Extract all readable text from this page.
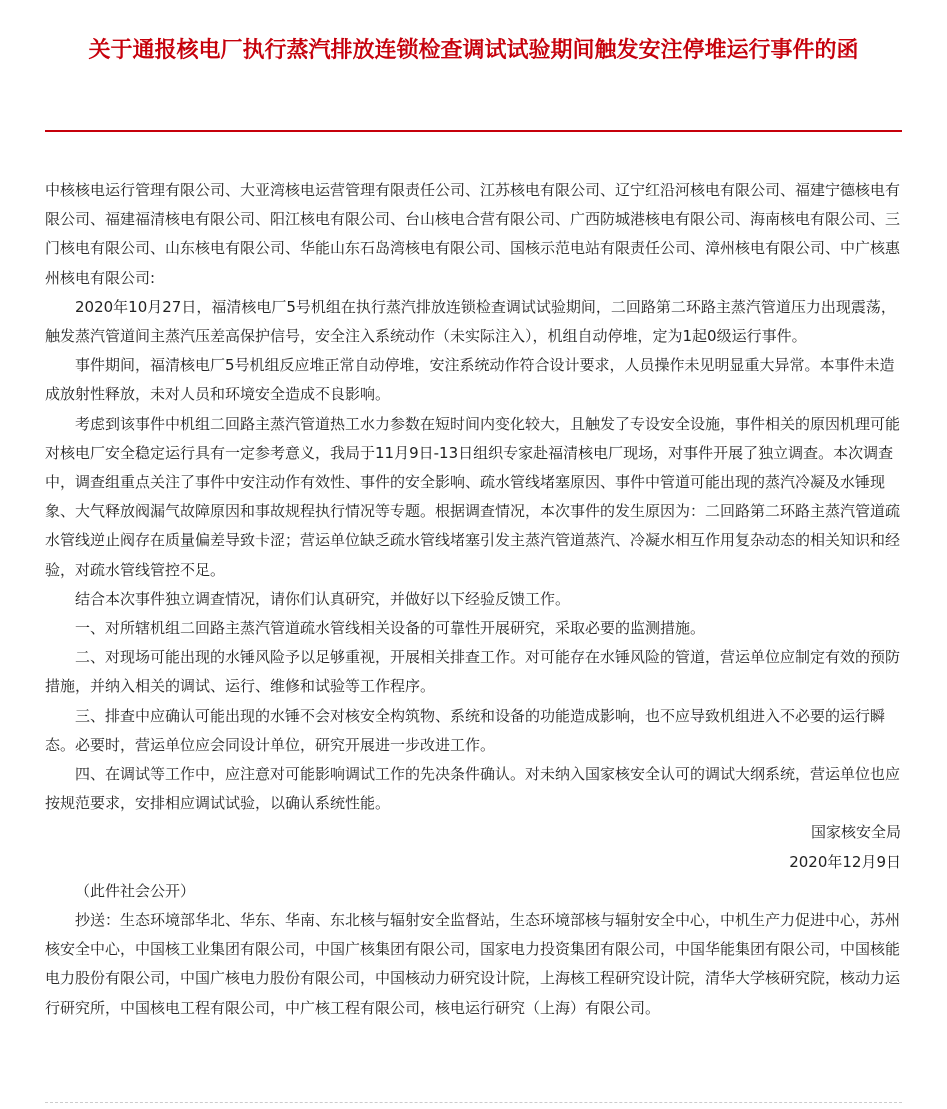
关于通报核电厂执行蒸汽排放连锁检查调试试验期间触发安注停堆运行事件的函

中核核电运行管理有限公司、大亚湾核电运营管理有限责任公司、江苏核电有限公司、辽宁红沿河核电有限公司、福建宁德核电有限公司、福建福清核电有限公司、阳江核电有限公司、台山核电合营有限公司、广西防城港核电有限公司、海南核电有限公司、三门核电有限公司、山东核电有限公司、华能山东石岛湾核电有限公司、国核示范电站有限责任公司、漳州核电有限公司、中广核惠州核电有限公司:

2020年10月27日，福清核电厂5号机组在执行蒸汽排放连锁检查调试试验期间，二回路第二环路主蒸汽管道压力出现震荡，触发蒸汽管道间主蒸汽压差高保护信号，安全注入系统动作（未实际注入），机组自动停堆，定为1起0级运行事件。

事件期间，福清核电厂5号机组反应堆正常自动停堆，安注系统动作符合设计要求，人员操作未见明显重大异常。本事件未造成放射性释放，未对人员和环境安全造成不良影响。

考虑到该事件中机组二回路主蒸汽管道热工水力参数在短时间内变化较大，且触发了专设安全设施，事件相关的原因机理可能对核电厂安全稳定运行具有一定参考意义，我局于11月9日-13日组织专家赴福清核电厂现场，对事件开展了独立调查。本次调查中，调查组重点关注了事件中安注动作有效性、事件的安全影响、疏水管线堵塞原因、事件中管道可能出现的蒸汽冷凝及水锤现象、大气释放阀漏气故障原因和事故规程执行情况等专题。根据调查情况，本次事件的发生原因为：二回路第二环路主蒸汽管道疏水管线逆止阀存在质量偏差导致卡涩；营运单位缺乏疏水管线堵塞引发主蒸汽管道蒸汽、冷凝水相互作用复杂动态的相关知识和经验，对疏水管线管控不足。

结合本次事件独立调查情况，请你们认真研究，并做好以下经验反馈工作。

一、对所辖机组二回路主蒸汽管道疏水管线相关设备的可靠性开展研究，采取必要的监测措施。

二、对现场可能出现的水锤风险予以足够重视，开展相关排查工作。对可能存在水锤风险的管道，营运单位应制定有效的预防措施，并纳入相关的调试、运行、维修和试验等工作程序。

三、排查中应确认可能出现的水锤不会对核安全构筑物、系统和设备的功能造成影响，也不应导致机组进入不必要的运行瞬态。必要时，营运单位应会同设计单位，研究开展进一步改进工作。

四、在调试等工作中，应注意对可能影响调试工作的先决条件确认。对未纳入国家核安全认可的调试大纲系统，营运单位也应按规范要求，安排相应调试试验，以确认系统性能。

国家核安全局

2020年12月9日

（此件社会公开）

抄送：生态环境部华北、华东、华南、东北核与辐射安全监督站，生态环境部核与辐射安全中心，中机生产力促进中心，苏州核安全中心，中国核工业集团有限公司，中国广核集团有限公司，国家电力投资集团有限公司，中国华能集团有限公司，中国核能电力股份有限公司，中国广核电力股份有限公司，中国核动力研究设计院，上海核工程研究设计院，清华大学核研究院，核动力运行研究所，中国核电工程有限公司，中广核工程有限公司，核电运行研究（上海）有限公司。
